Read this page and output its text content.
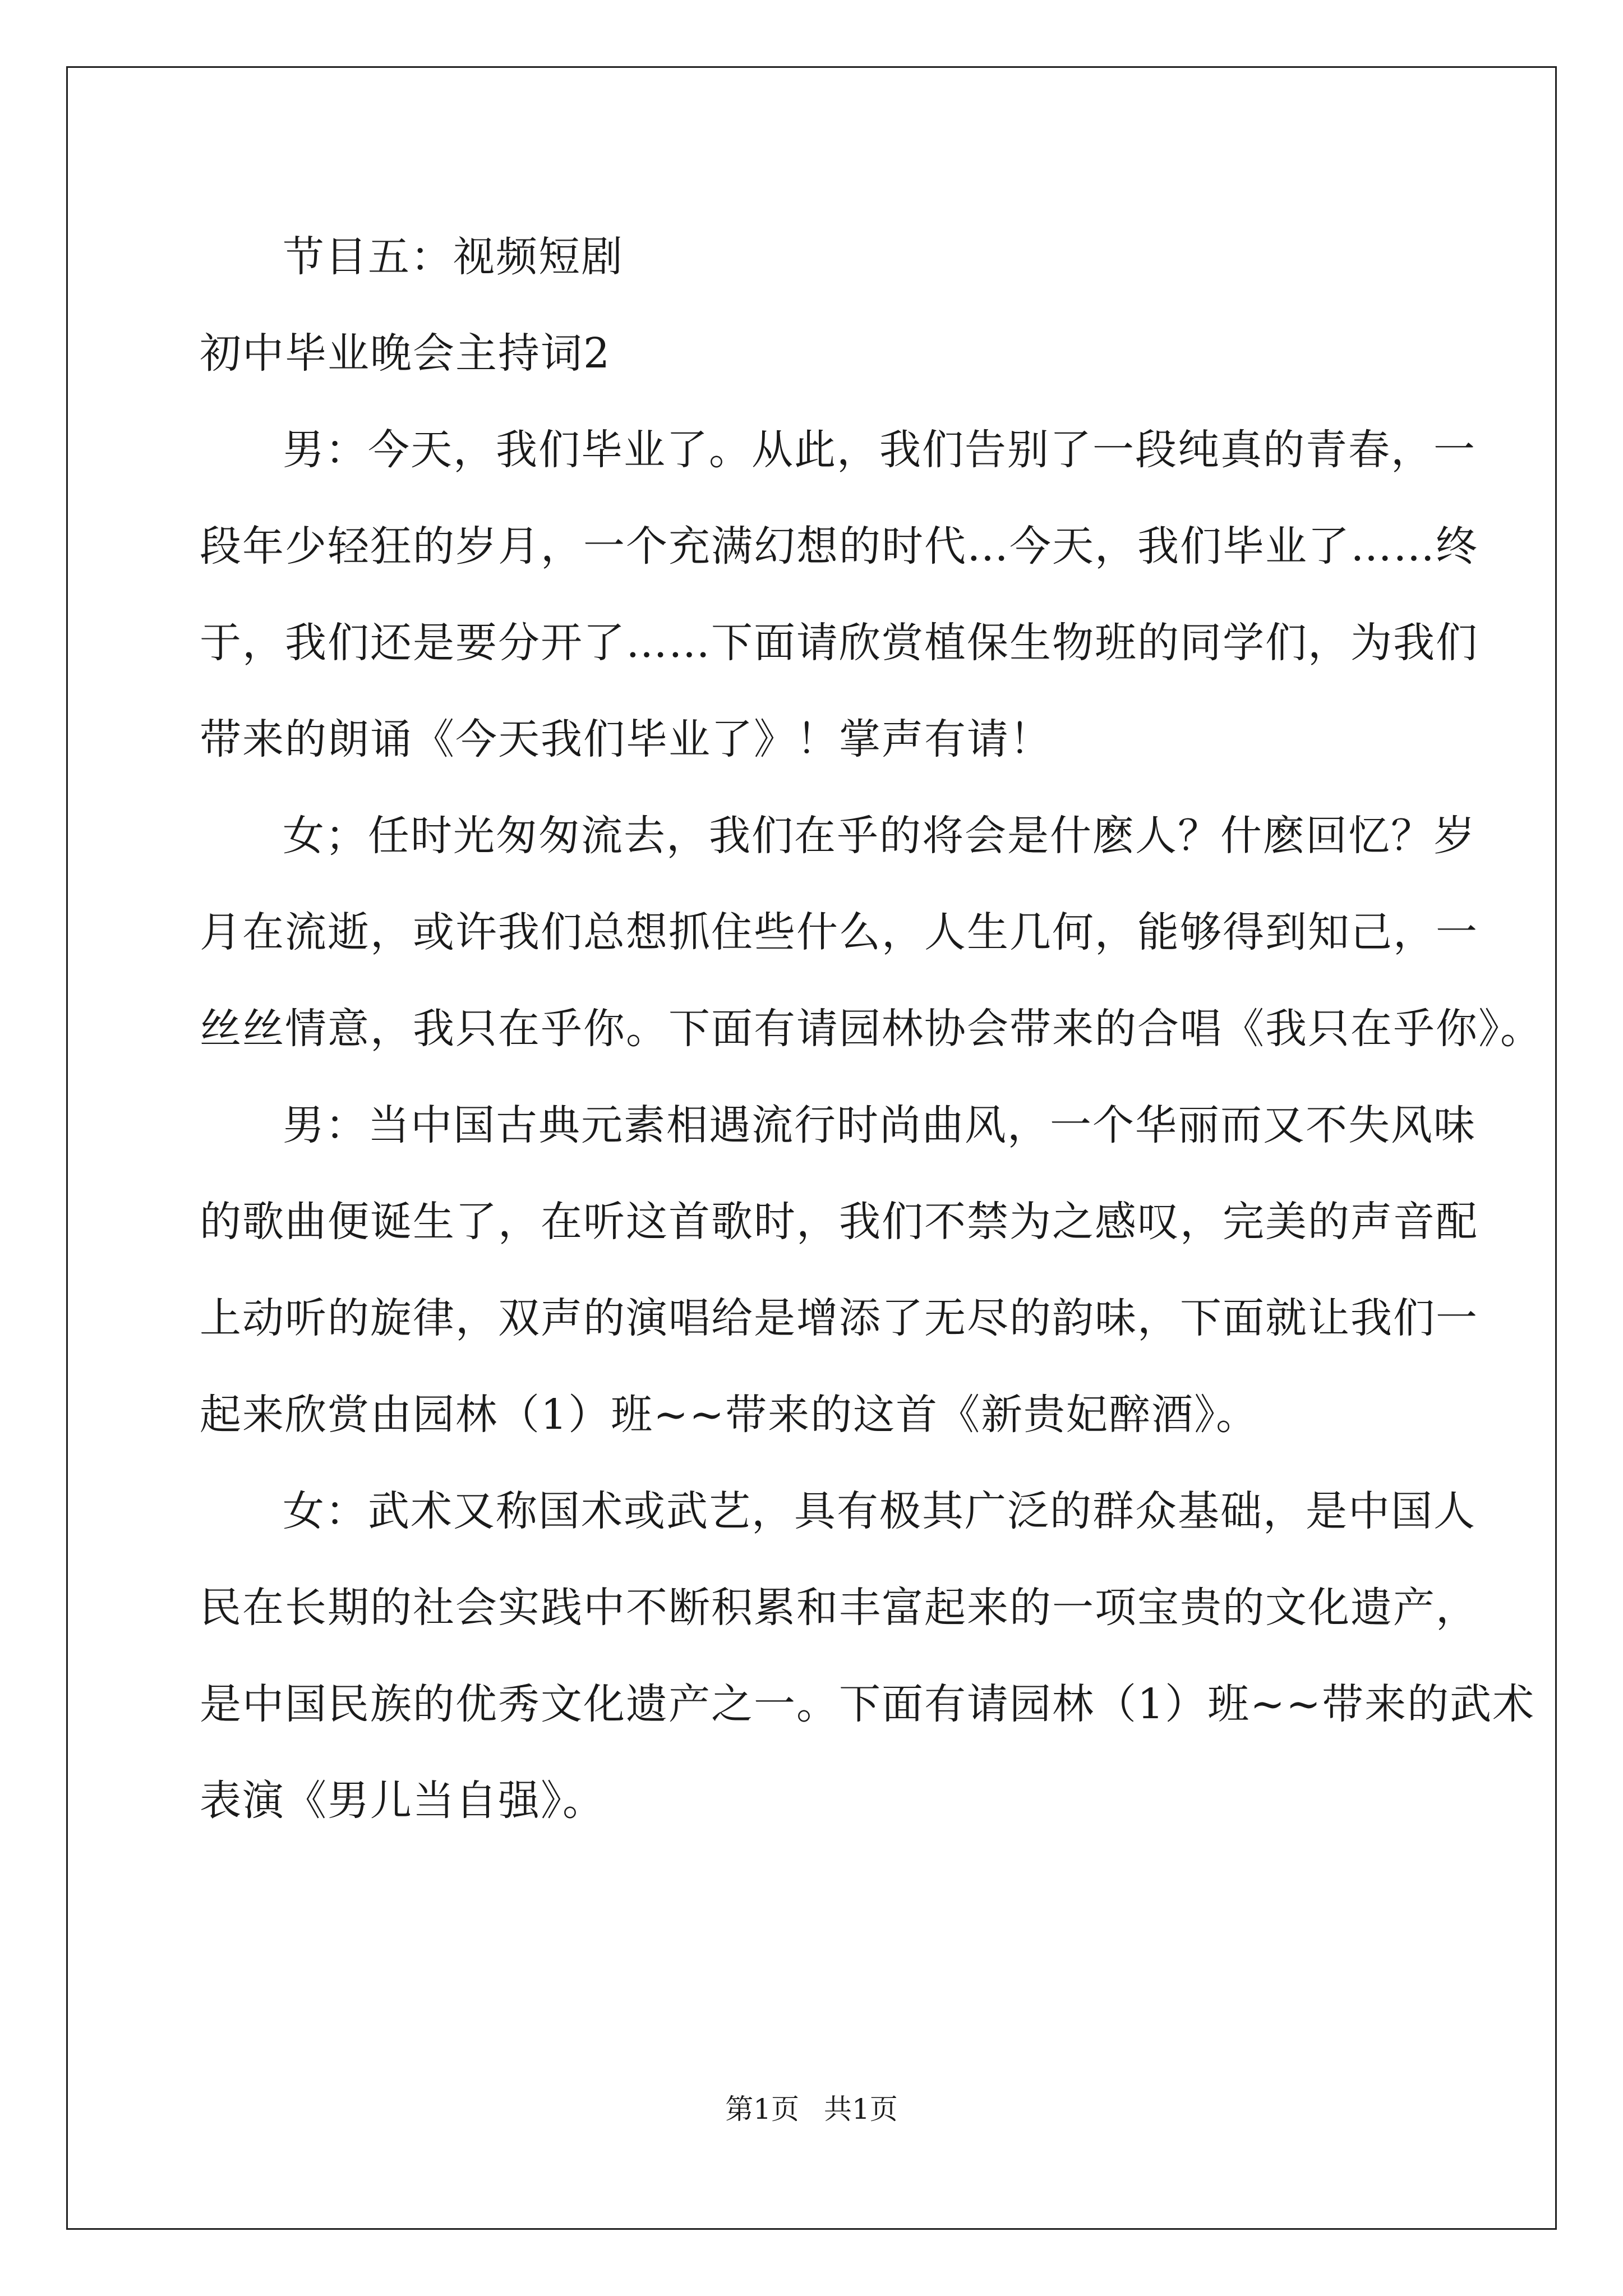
节目五：视频短剧
初中毕业晚会主持词2
男：今天，我们毕业了。从此，我们告别了一段纯真的青春，一
段年少轻狂的岁月，一个充满幻想的时代…今天，我们毕业了……终
于，我们还是要分开了……下面请欣赏植保生物班的同学们，为我们
带来的朗诵《今天我们毕业了》！掌声有请！
女；任时光匆匆流去，我们在乎的将会是什麽人？什麽回忆？岁
月在流逝，或许我们总想抓住些什么，人生几何，能够得到知己，一
丝丝情意，我只在乎你。下面有请园林协会带来的合唱《我只在乎你》。
男：当中国古典元素相遇流行时尚曲风，一个华丽而又不失风味
的歌曲便诞生了，在听这首歌时，我们不禁为之感叹，完美的声音配
上动听的旋律，双声的演唱给是增添了无尽的韵味，下面就让我们一
起来欣赏由园林（1）班~~带来的这首《新贵妃醉酒》。
女：武术又称国术或武艺，具有极其广泛的群众基础，是中国人
民在长期的社会实践中不断积累和丰富起来的一项宝贵的文化遗产，
是中国民族的优秀文化遗产之一。下面有请园林（1）班~~带来的武术
表演《男儿当自强》。
第1页 共1页
